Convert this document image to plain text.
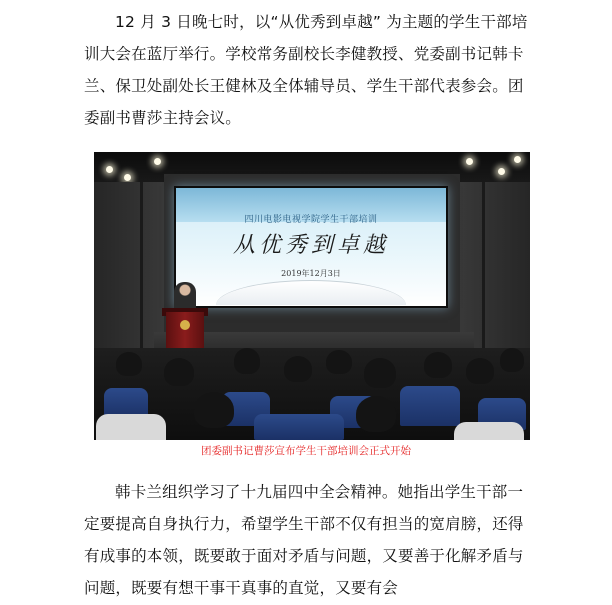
12 月 3 日晚七时，以“从优秀到卓越” 为主题的学生干部培训大会在蓝厅举行。学校常务副校长李健教授、党委副书记韩卡兰、保卫处副处长王健林及全体辅导员、学生干部代表参会。团委副书曹莎主持会议。

四川电影电视学院学生干部培训
从优秀到卓越
2019年12月3日
团委副书记曹莎宣布学生干部培训会正式开始

韩卡兰组织学习了十九届四中全会精神。她指出学生干部一定要提高自身执行力，希望学生干部不仅有担当的宽肩膀，还得有成事的本领，既要敢于面对矛盾与问题，又要善于化解矛盾与问题，既要有想干事干真事的直觉，又要有会
